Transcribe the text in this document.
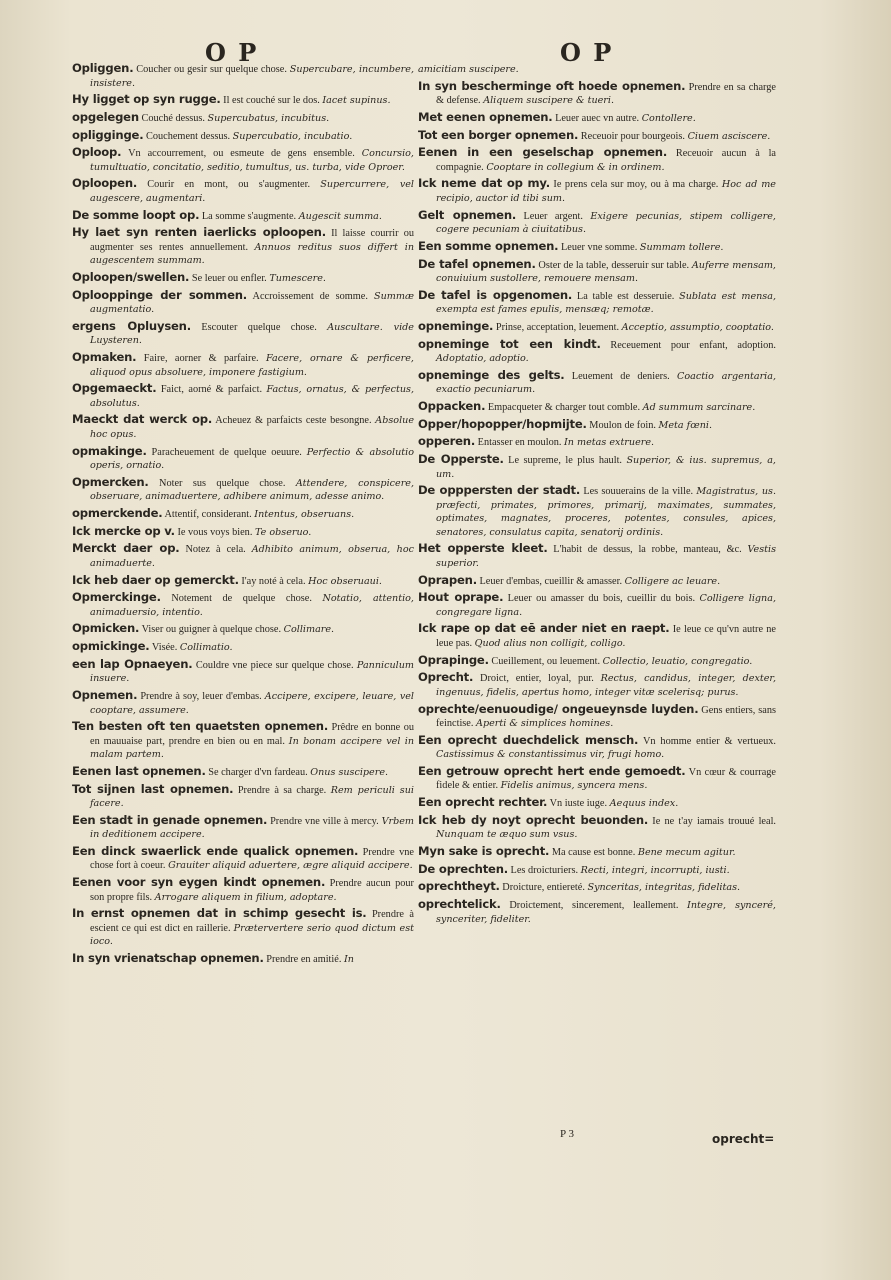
O P	O P

Opliggen. Coucher ou gesir sur quelque chose. Supercubare, incumbere, insistere.

Hy ligget op syn rugge. Il est couché sur le dos. Iacet supinus.

opgelegen Couché dessus. Supercubatus, incubitus.

opligginge. Couchement dessus. Supercubatio, incubatio.

Oploop. Vn accourrement, ou esmeute de gens ensemble. Concursio, tumultuatio, concitatio, seditio, tumultus, us. turba, vide Oproer.

Oploopen. Courir en mont, ou s'augmenter. Supercurrere, vel augescere, augmentari.

De somme loopt op. La somme s'augmente. Augescit summa.

Hy laet syn renten iaerlicks oploopen. Il laisse courrir ou augmenter ses rentes annuellement. Annuos reditus suos differt in augescentem summam.

Oploopen/swellen. Se leuer ou enfler. Tumescere.

Oplooppinge der sommen. Accroissement de somme. Summæ augmentatio.

ergens Opluysen. Escouter quelque chose. Auscultare. vide Luysteren.

Opmaken. Faire, aorner & parfaire. Facere, ornare & perficere, aliquod opus absoluere, imponere fastigium.

Opgemaeckt. Faict, aorné & parfaict. Factus, ornatus, & perfectus, absolutus.

Maeckt dat werck op. Acheuez & parfaicts ceste besongne. Absolue hoc opus.

opmakinge. Paracheuement de quelque oeuure. Perfectio & absolutio operis, ornatio.

Opmercken. Noter sus quelque chose. Attendere, conspicere, obseruare, animaduertere, adhibere animum, adesse animo.

opmerckende. Attentif, considerant. Intentus, obseruans.

Ick mercke op v. Ie vous voys bien. Te obseruo.

Merckt daer op. Notez à cela. Adhibito animum, obserua, hoc animaduerte.

Ick heb daer op gemerckt. I'ay noté à cela. Hoc obseruaui.

Opmerckinge. Notement de quelque chose. Notatio, attentio, animaduersio, intentio.

Opmicken. Viser ou guigner à quelque chose. Collimare.

opmickinge. Visée. Collimatio.

een lap Opnaeyen. Couldre vne piece sur quelque chose. Panniculum insuere.

Opnemen. Prendre à soy, leuer d'embas. Accipere, excipere, leuare, vel cooptare, assumere.

Ten besten oft ten quaetsten opnemen. Prêdre en bonne ou en mauuaise part, prendre en bien ou en mal. In bonam accipere vel in malam partem.

Eenen last opnemen. Se charger d'vn fardeau. Onus suscipere.

Tot sijnen last opnemen. Prendre à sa charge. Rem periculi sui facere.

Een stadt in genade opnemen. Prendre vne ville à mercy. Vrbem in deditionem accipere.

Een dinck swaerlick ende qualick opnemen. Prendre vne chose fort à coeur. Grauiter aliquid aduertere, ægre aliquid accipere.

Eenen voor syn eygen kindt opnemen. Prendre aucun pour son propre fils. Arrogare aliquem in filium, adoptare.

In ernst opnemen dat in schimp gesecht is. Prendre à escient ce qui est dict en raillerie. Prætervertere serio quod dictum est ioco.

In syn vrienatschap opnemen. Prendre en amitié. In

amicitiam suscipere.

In syn bescherminge oft hoede opnemen. Prendre en sa charge & defense. Aliquem suscipere & tueri.

Met eenen opnemen. Leuer auec vn autre. Contollere.

Tot een borger opnemen. Receuoir pour bourgeois. Ciuem asciscere.

Eenen in een geselschap opnemen. Receuoir aucun à la compagnie. Cooptare in collegium & in ordinem.

Ick neme dat op my. Ie prens cela sur moy, ou à ma charge. Hoc ad me recipio, auctor id tibi sum.

Gelt opnemen. Leuer argent. Exigere pecunias, stipem colligere, cogere pecuniam à ciuitatibus.

Een somme opnemen. Leuer vne somme. Summam tollere.

De tafel opnemen. Oster de la table, desseruir sur table. Auferre mensam, conuiuium sustollere, remouere mensam.

De tafel is opgenomen. La table est desseruie. Sublata est mensa, exempta est fames epulis, mensæq; remotæ.

opneminge. Prinse, acceptation, leuement. Acceptio, assumptio, cooptatio.

opneminge tot een kindt. Receuement pour enfant, adoption. Adoptatio, adoptio.

opneminge des gelts. Leuement de deniers. Coactio argentaria, exactio pecuniarum.

Oppacken. Empacqueter & charger tout comble. Ad summum sarcinare.

Opper/hopopper/hopmijte. Moulon de foin. Meta fœni.

opperen. Entasser en moulon. In metas extruere.

De Opperste. Le supreme, le plus hault. Superior, & ius. supremus, a, um.

De opppersten der stadt. Les souuerains de la ville. Magistratus, us. præfecti, primates, primores, primarij, maximates, summates, optimates, magnates, proceres, potentes, consules, apices, senatores, consulatus capita, senatorij ordinis.

Het opperste kleet. L'habit de dessus, la robbe, manteau, &c. Vestis superior.

Oprapen. Leuer d'embas, cueillir & amasser. Colligere ac leuare.

Hout oprape. Leuer ou amasser du bois, cueillir du bois. Colligere ligna, congregare ligna.

Ick rape op dat eē ander niet en raept. Ie leue ce qu'vn autre ne leue pas. Quod alius non colligit, colligo.

Oprapinge. Cueillement, ou leuement. Collectio, leuatio, congregatio.

Oprecht. Droict, entier, loyal, pur. Rectus, candidus, integer, dexter, ingenuus, fidelis, apertus homo, integer vitæ scelerisq; purus.

oprechte/eenuoudige/ ongeueynsde luyden. Gens entiers, sans feinctise. Aperti & simplices homines.

Een oprecht duechdelick mensch. Vn homme entier & vertueux. Castissimus & constantissimus vir, frugi homo.

Een getrouw oprecht hert ende gemoedt. Vn cœur & courrage fidele & entier. Fidelis animus, syncera mens.

Een oprecht rechter. Vn iuste iuge. Aequus index.

Ick heb dy noyt oprecht beuonden. Ie ne t'ay iamais trouué leal. Nunquam te æquo sum vsus.

Myn sake is oprecht. Ma cause est bonne. Bene mecum agitur.

De oprechten. Les droicturiers. Recti, integri, incorrupti, iusti.

oprechtheyt. Droicture, entiereté. Synceritas, integritas, fidelitas.

oprechtelick. Droictement, sincerement, leallement. Integre, synceré, synceriter, fideliter.

P 3	oprecht=
